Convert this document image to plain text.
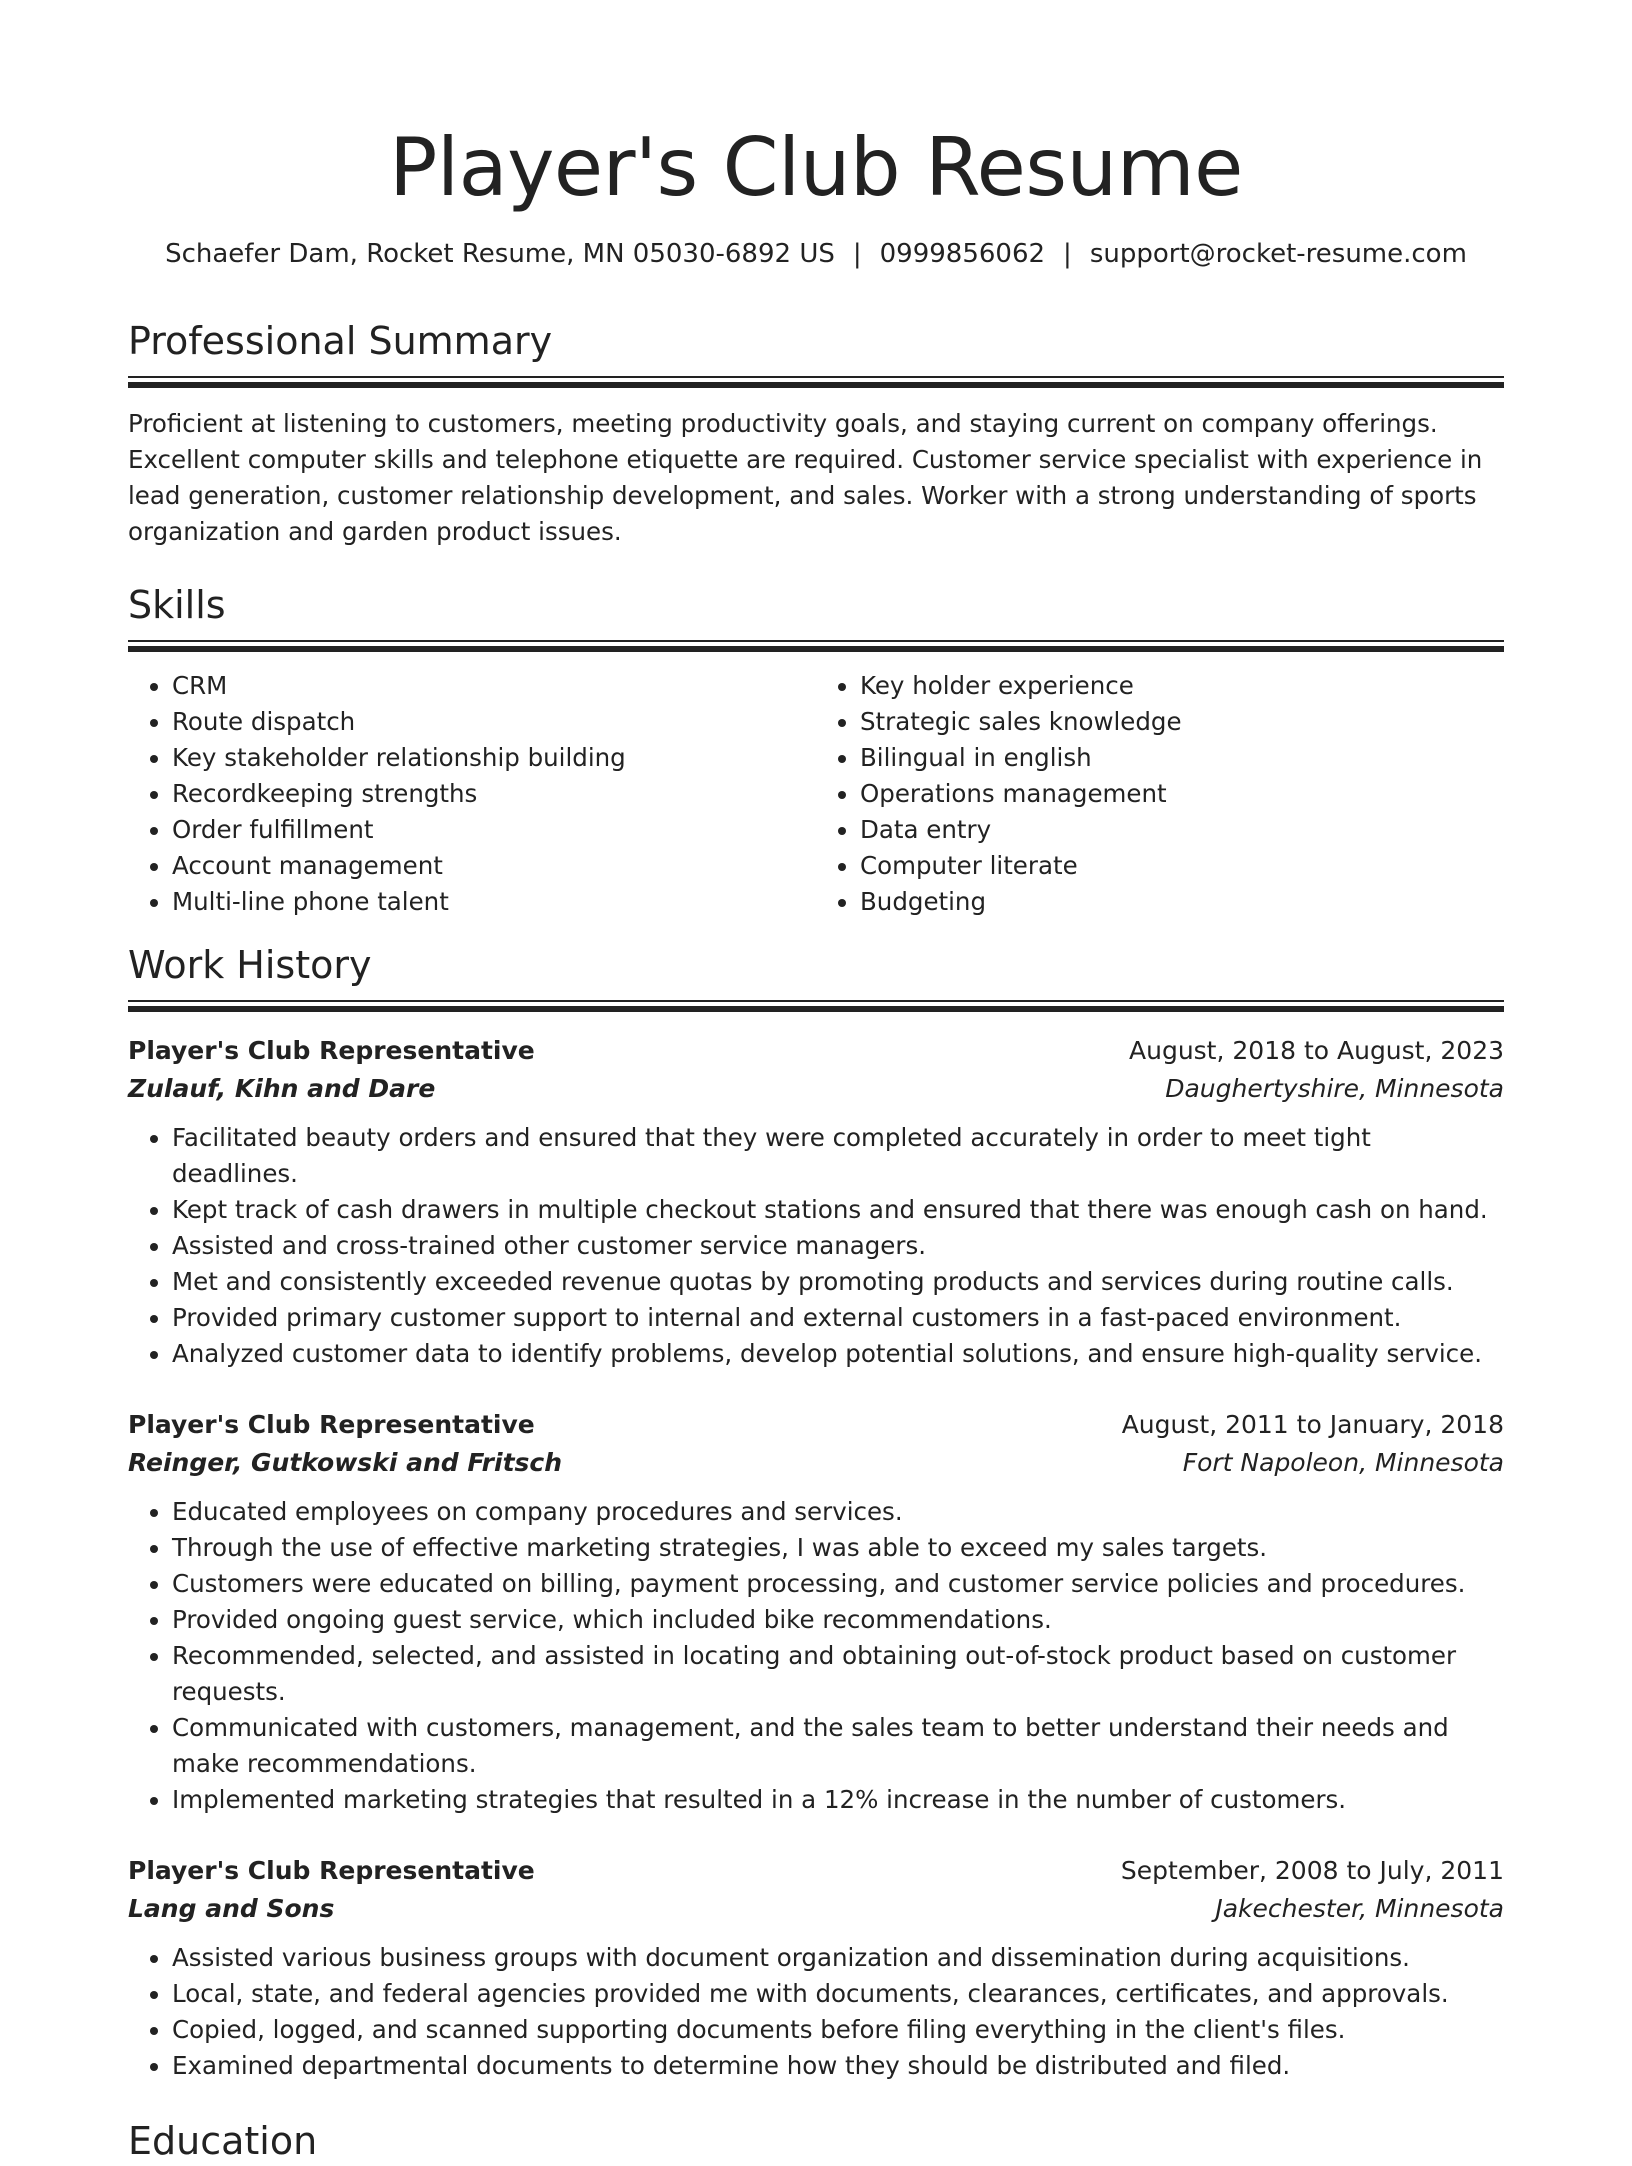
Player's Club Resume
Schaefer Dam, Rocket Resume, MN 05030-6892 US | 0999856062 | support@rocket-resume.com
Professional Summary

Proficient at listening to customers, meeting productivity goals, and staying current on company offerings. Excellent computer skills and telephone etiquette are required. Customer service specialist with experience in lead generation, customer relationship development, and sales. Worker with a strong understanding of sports organization and garden product issues.

Skills
• CRM
• Route dispatch
• Key stakeholder relationship building
• Recordkeeping strengths
• Order fulfillment
• Account management
• Multi-line phone talent
• Key holder experience
• Strategic sales knowledge
• Bilingual in english
• Operations management
• Data entry
• Computer literate
• Budgeting
Work History
Player's Club Representative	August, 2018 to August, 2023
Zulauf, Kihn and Dare	Daughertyshire, Minnesota
• Facilitated beauty orders and ensured that they were completed accurately in order to meet tight deadlines.
• Kept track of cash drawers in multiple checkout stations and ensured that there was enough cash on hand.
• Assisted and cross-trained other customer service managers.
• Met and consistently exceeded revenue quotas by promoting products and services during routine calls.
• Provided primary customer support to internal and external customers in a fast-paced environment.
• Analyzed customer data to identify problems, develop potential solutions, and ensure high-quality service.
Player's Club Representative	August, 2011 to January, 2018
Reinger, Gutkowski and Fritsch	Fort Napoleon, Minnesota
• Educated employees on company procedures and services.
• Through the use of effective marketing strategies, I was able to exceed my sales targets.
• Customers were educated on billing, payment processing, and customer service policies and procedures.
• Provided ongoing guest service, which included bike recommendations.
• Recommended, selected, and assisted in locating and obtaining out-of-stock product based on customer requests.
• Communicated with customers, management, and the sales team to better understand their needs and make recommendations.
• Implemented marketing strategies that resulted in a 12% increase in the number of customers.
Player's Club Representative	September, 2008 to July, 2011
Lang and Sons	Jakechester, Minnesota
• Assisted various business groups with document organization and dissemination during acquisitions.
• Local, state, and federal agencies provided me with documents, clearances, certificates, and approvals.
• Copied, logged, and scanned supporting documents before filing everything in the client's files.
• Examined departmental documents to determine how they should be distributed and filed.
Education
